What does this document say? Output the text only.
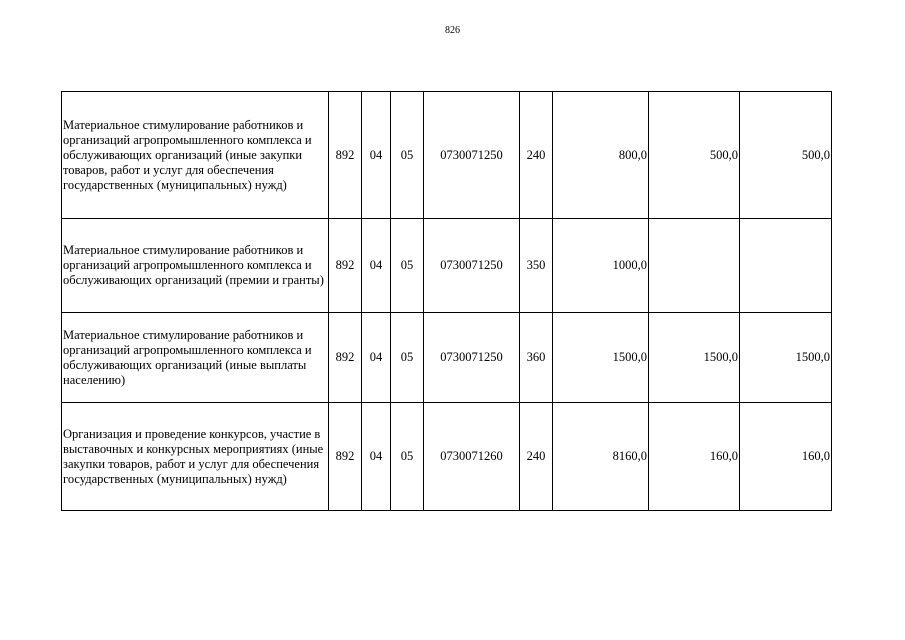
826
Материальное стимулирование работников и организаций агропромышленного комплекса и обслуживающих организаций (иные закупки товаров, работ и услуг для обеспечения государственных (муниципальных) нужд)	892	04	05	0730071250	240	800,0	500,0	500,0
Материальное стимулирование работников и организаций агропромышленного комплекса и обслуживающих организаций (премии и гранты)	892	04	05	0730071250	350	1000,0		
Материальное стимулирование работников и организаций агропромышленного комплекса и обслуживающих организаций (иные выплаты населению)	892	04	05	0730071250	360	1500,0	1500,0	1500,0
Организация и проведение конкурсов, участие в выставочных и конкурсных мероприятиях (иные закупки товаров, работ и услуг для обеспечения государственных (муниципальных) нужд)	892	04	05	0730071260	240	8160,0	160,0	160,0
